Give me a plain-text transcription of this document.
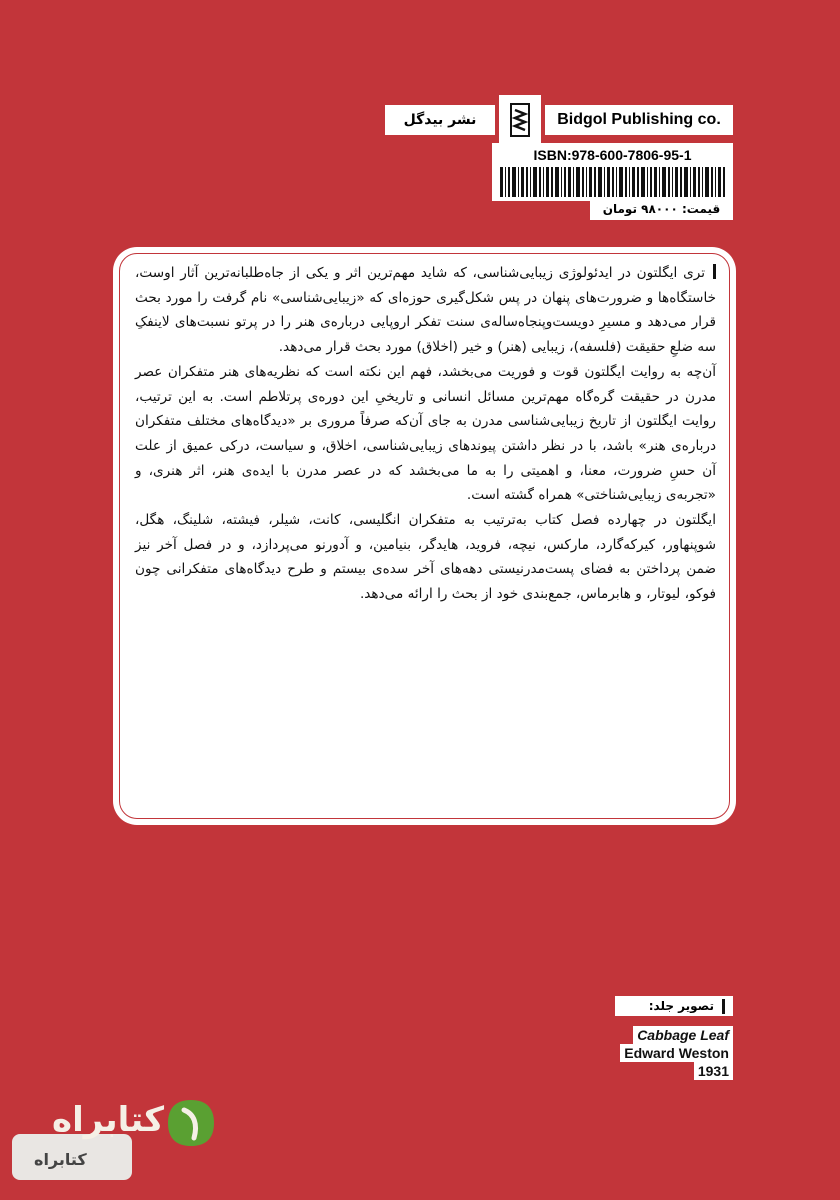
نشر بیدگل	Bidgol Publishing co.
ISBN:978-600-7806-95-1
قیمت: ۹۸۰۰۰ تومان

تری ایگلتون در ایدئولوژی زیبایی‌شناسی، که شاید مهم‌ترین اثر و یکی از جاه‌طلبانه‌ترین آثار اوست، خاستگاه‌ها و ضرورت‌های پنهان در پس شکل‌گیری حوزه‌ای که «زیبایی‌شناسی» نام گرفت را مورد بحث قرار می‌دهد و مسیرِ دویست‌وپنجاه‌ساله‌ی سنت تفکر اروپایی درباره‌ی هنر را در پرتو نسبت‌های لاینفکِ سه ضلعِ حقیقت (فلسفه)، زیبایی (هنر) و خیر (اخلاق) مورد بحث قرار می‌دهد.

آن‌چه به روایت ایگلتون قوت و فوریت می‌بخشد، فهم این نکته است که نظریه‌های هنر متفکران عصر مدرن در حقیقت گره‌گاه مهم‌ترین مسائل انسانی و تاریخیِ این دوره‌ی پرتلاطم است. به این ترتیب، روایت ایگلتون از تاریخ زیبایی‌شناسی مدرن به جای آن‌که صرفاً مروری بر «دیدگاه‌های مختلف متفکران درباره‌ی هنر» باشد، با در نظر داشتن پیوندهای زیبایی‌شناسی، اخلاق، و سیاست، درکی عمیق از علت آن حسِ ضرورت، معنا، و اهمیتی را به ما می‌بخشد که در عصر مدرن با ایده‌ی هنر، اثر هنری، و «تجربه‌ی زیبایی‌شناختی» همراه گشته است.

ایگلتون در چهارده فصل کتاب به‌ترتیب به متفکران انگلیسی، کانت، شیلر، فیشته، شلینگ، هگل، شوپنهاور، کیرکه‌گارد، مارکس، نیچه، فروید، هایدگر، بنیامین، و آدورنو می‌پردازد، و در فصل آخر نیز ضمن پرداختن به فضای پست‌مدرنیستی دهه‌های آخر سده‌ی بیستم و طرح دیدگاه‌های متفکرانی چون فوکو، لیوتار، و هابرماس، جمع‌بندی خود از بحث را ارائه می‌دهد.

تصویر جلد:
Cabbage Leaf
Edward Weston
1931
کتابراه
کتابراه
